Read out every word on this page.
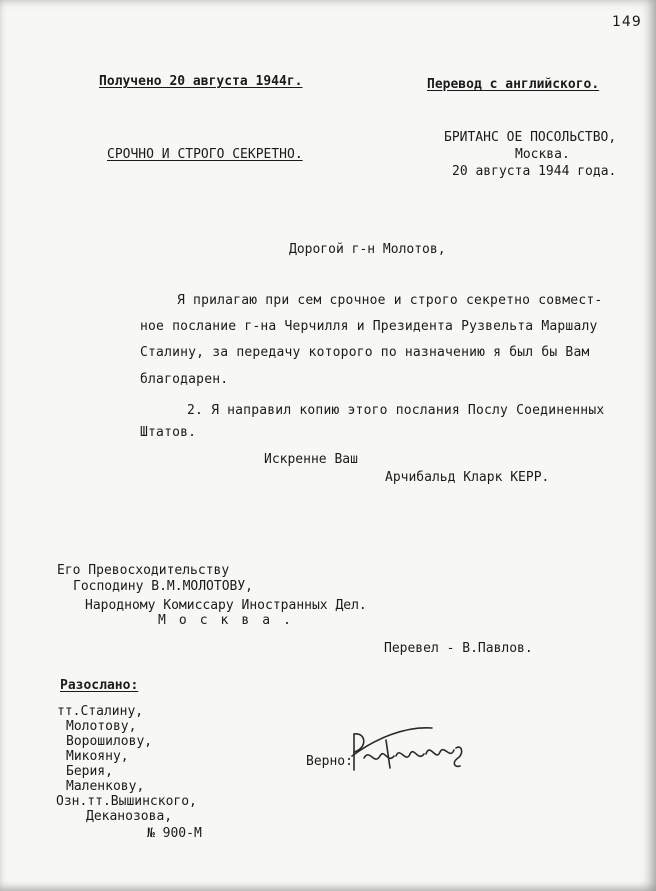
149
Получено 20 августа 1944г.	Перевод с английского.
СРОЧНО И СТРОГО СЕКРЕТНО.
БРИТАНС ОЕ ПОСОЛЬСТВО,
Москва.
20 августа 1944 года.
Дорогой г-н Молотов,
Я прилагаю при сем срочное и строго секретно совмест-
ное послание г-на Черчилля и Президента Рузвельта Маршалу
Сталину, за передачу которого по назначению я был бы Вам
благодарен.
2. Я направил копию этого послания Послу Соединенных
Штатов.
Искренне Ваш
Арчибальд Кларк КЕРР.
Его Превосходительству
Господину В.М.МОЛОТОВУ,
Народному Комиссару Иностранных Дел.
М о с к в а .
Перевел - В.Павлов.
Разослано:
тт.Сталину,
Молотову,
Ворошилову,
Микояну,
Берия,
Маленкову,
Озн.тт.Вышинского,
Деканозова,
№ 900-М
Верно:
